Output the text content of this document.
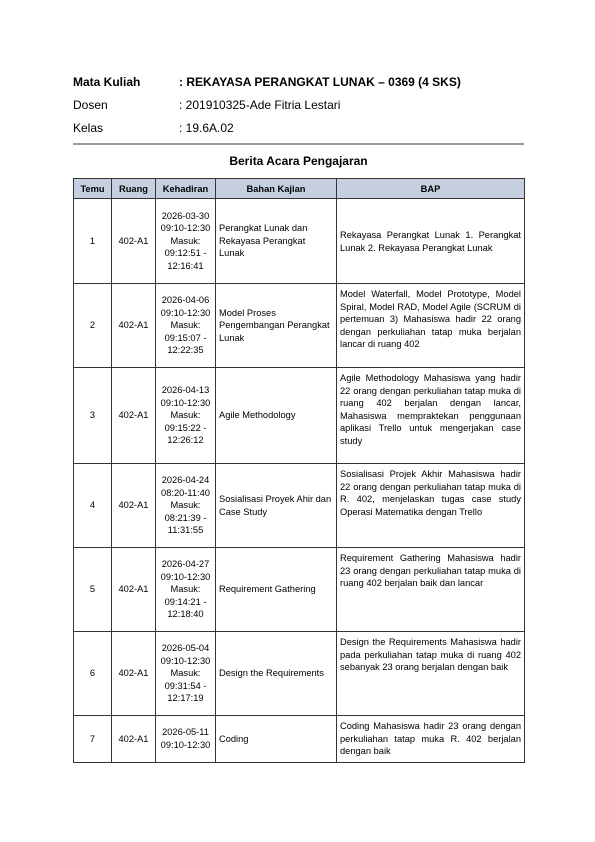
Mata Kuliah	: REKAYASA PERANGKAT LUNAK – 0369 (4 SKS)
Dosen	: 201910325-Ade Fitria Lestari
Kelas	: 19.6A.02
Berita Acara Pengajaran
Temu	Ruang	Kehadiran	Bahan Kajian	BAP
1	402-A1	2026-03-30 09:10-12:30 Masuk: 09:12:51 - 12:16:41	Perangkat Lunak dan Rekayasa Perangkat Lunak	Rekayasa Perangkat Lunak 1. Perangkat Lunak 2. Rekayasa Perangkat Lunak
2	402-A1	2026-04-06 09:10-12:30 Masuk: 09:15:07 - 12:22:35	Model Proses Pengembangan Perangkat Lunak	Model Waterfall, Model Prototype, Model Spiral, Model RAD, Model Agile (SCRUM di pertemuan 3) Mahasiswa hadir 22 orang dengan perkuliahan tatap muka berjalan lancar di ruang 402
3	402-A1	2026-04-13 09:10-12:30 Masuk: 09:15:22 - 12:26:12	Agile Methodology	Agile Methodology Mahasiswa yang hadir 22 orang dengan perkuliahan tatap muka di ruang 402 berjalan dengan lancar, Mahasiswa mempraktekan penggunaan aplikasi Trello untuk mengerjakan case study
4	402-A1	2026-04-24 08:20-11:40 Masuk: 08:21:39 - 11:31:55	Sosialisasi Proyek Ahir dan Case Study	Sosialisasi Projek Akhir Mahasiswa hadir 22 orang dengan perkuliahan tatap muka di R. 402, menjelaskan tugas case study Operasi Matematika dengan Trello
5	402-A1	2026-04-27 09:10-12:30 Masuk: 09:14:21 - 12:18:40	Requirement Gathering	Requirement Gathering Mahasiswa hadir 23 orang dengan perkuliahan tatap muka di ruang 402 berjalan baik dan lancar
6	402-A1	2026-05-04 09:10-12:30 Masuk: 09:31:54 - 12:17:19	Design the Requirements	Design the Requirements Mahasiswa hadir pada perkuliahan tatap muka di ruang 402 sebanyak 23 orang berjalan dengan baik
7	402-A1	2026-05-11 09:10-12:30	Coding	Coding Mahasiswa hadir 23 orang dengan perkuliahan tatap muka R. 402 berjalan dengan baik
